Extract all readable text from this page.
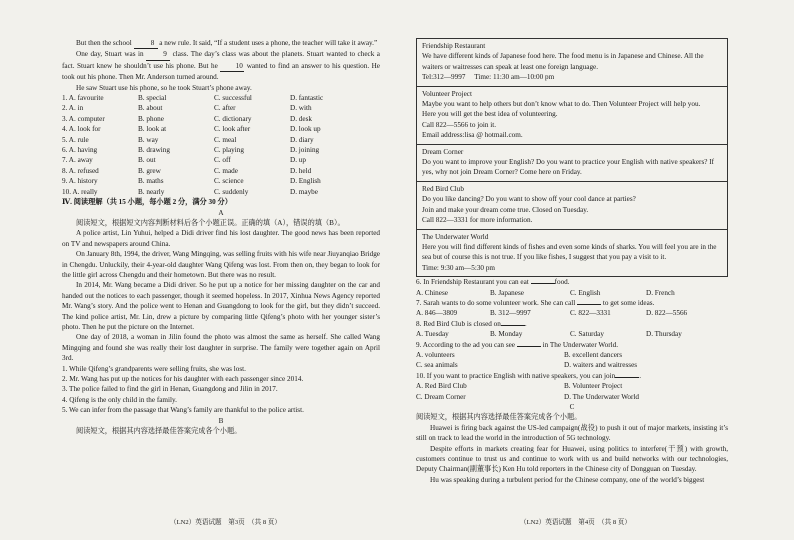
But then the school 8 a new rule. It said, “If a student uses a phone, the teacher will take it away.”

One day, Stuart was in 9 class. The day’s class was about the planets. Stuart wanted to check a fact. Stuart knew he shouldn’t use his phone. But he 10 wanted to find an answer to his question. He took out his phone. Then Mr. Anderson turned around.

He saw Stuart use his phone, so he took Stuart’s phone away.

1. A. favourite	B. special	C. successful	D. fantastic
2. A. in	B. about	C. after	D. with
3. A. computer	B. phone	C. dictionary	D. desk
4. A. look for	B. look at	C. look after	D. look up
5. A. rule	B. way	C. meal	D. diary
6. A. having	B. drawing	C. playing	D. joining
7. A. away	B. out	C. off	D. up
8. A. refused	B. grew	C. made	D. held
9. A. history	B. maths	C. science	D. English
10. A. really	B. nearly	C. suddenly	D. maybe

Ⅳ. 阅读理解（共 15 小题，每小题 2 分，满分 30 分）

A

阅读短文，根据短文内容判断材料后各个小题正误。正确的填（A），错误的填（B）。

A police artist, Lin Yuhui, helped a Didi driver find his lost daughter. The good news has been reported on TV and newspapers around China.

On January 8th, 1994, the driver, Wang Mingqing, was selling fruits with his wife near Jiuyanqiao Bridge in Chengdu. Unluckily, their 4-year-old daughter Wang Qifeng was lost. From then on, they began to look for the little girl across Chengdu and their hometown. But there was no result.

In 2014, Mr. Wang became a Didi driver. So he put up a notice for her missing daughter on the car and handed out the notices to each passenger, though it seemed hopeless. In 2017, Xinhua News Agency reported Mr. Wang’s story. And the police went to Henan and Guangdong to look for the girl, but they didn’t succeed. The kind police artist, Mr. Lin, drew a picture by comparing little Qifeng’s photo with her younger sister’s photo. Then he put the picture on the Internet.

One day of 2018, a woman in Jilin found the photo was almost the same as herself. She called Wang Mingqing and found she was really their lost daughter in surprise. The family were together again on April 3rd.

1. While Qifeng’s grandparents were selling fruits, she was lost.

2. Mr. Wang has put up the notices for his daughter with each passenger since 2014.

3. The police failed to find the girl in Henan, Guangdong and Jilin in 2017.

4. Qifeng is the only child in the family.

5. We can infer from the passage that Wang’s family are thankful to the police artist.

B

阅读短文，根据其内容选择最佳答案完成各个小题。

（LN2）英语试题　第3页　（共 8 页）

Friendship Restaurant

We have different kinds of Japanese food here. The food menu is in Japanese and Chinese. All the waiters or waitresses can speak at least one foreign language.

Tel:312—9997　 Time: 11:30 am—10:00 pm

Volunteer Project

Maybe you want to help others but don’t know what to do. Then Volunteer Project will help you.

Here you will get the best idea of volunteering.

Call 822—5566 to join it.

Email address:lisa @ hotmail.com.

Dream Corner

Do you want to improve your English? Do you want to practice your English with native speakers? If yes, why not join Dream Corner? Come here on Friday.

Red Bird Club

Do you like dancing? Do you want to show off your cool dance at parties?

Join and make your dream come true. Closed on Tuesday.

Call 822—3331 for more information.

The Underwater World

Here you will find different kinds of fishes and even some kinds of sharks. You will feel you are in the sea but of course this is not true. If you like fishes, I suggest that you pay a visit to it.

Time: 9:30 am—5:30 pm

6. In Friendship Restaurant you can eat	food.

A. Chinese	B. Japanese	C. English	D. French

7. Sarah wants to do some volunteer work. She can call	to get some ideas.

A. 846—3809	B. 312—9997	C. 822—3331	D. 822—5566

8. Red Bird Club is closed on	.

A. Tuesday	B. Monday	C. Saturday	D. Thursday

9. According to the ad you can see	in The Underwater World.

A. volunteers	B. excellent dancers
C. sea animals	D. waiters and waitresses

10. If you want to practice English with native speakers, you can join	.

A. Red Bird Club	B. Volunteer Project
C. Dream Corner	D. The Underwater World

C

阅读短文，根据其内容选择最佳答案完成各个小题。

Huawei is firing back against the US-led campaign(战役) to push it out of major markets, insisting it’s still on track to lead the world in the introduction of 5G technology.

Despite efforts in markets creating fear for Huawei, using politics to interfere(干预) with growth, customers continue to trust us and continue to work with us and build networks with our technologies, Deputy Chairman(副董事长) Ken Hu told reporters in the Chinese city of Dongguan on Tuesday.

Hu was speaking during a turbulent period for the Chinese company, one of the world’s biggest

（LN2）英语试题　第4页　（共 8 页）
